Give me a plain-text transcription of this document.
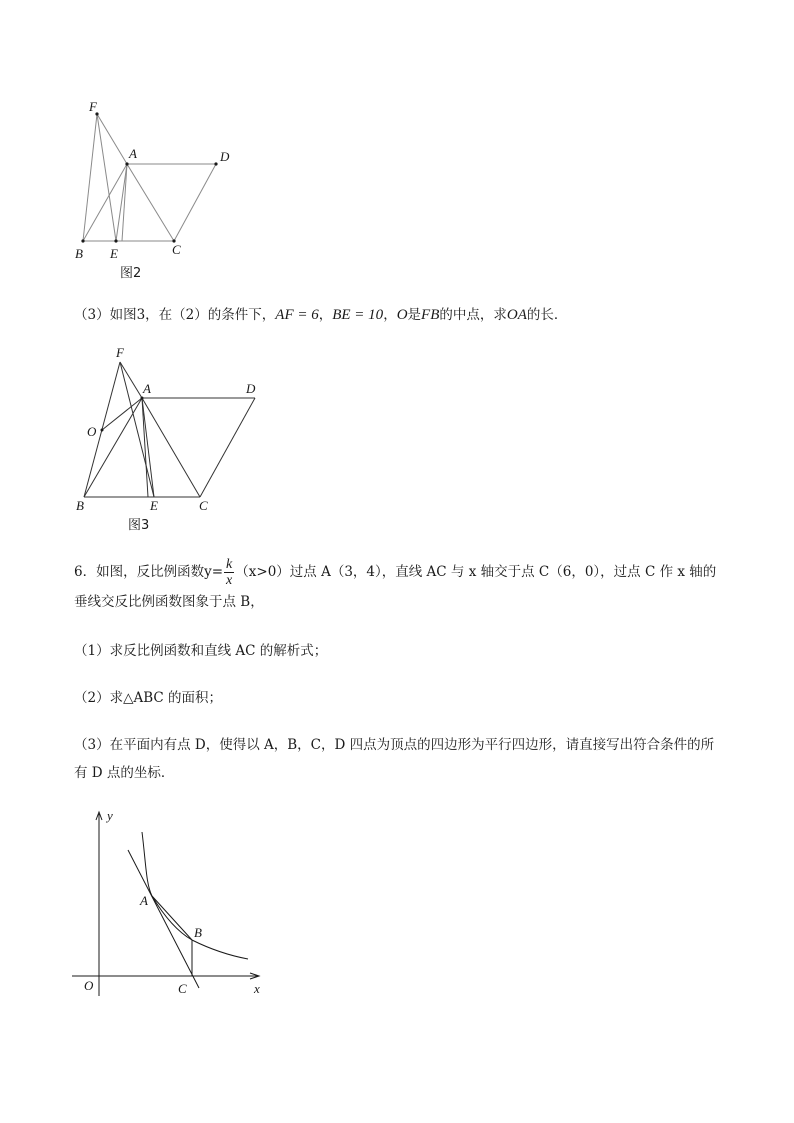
F
A	D
B E	C
图2
（3）如图3，在（2）的条件下，AF = 6，BE = 10，O是FB的中点，求OA的长．
F
A	D
O
B	E	C
图3
6．如图，反比例函数$y= \frac{k}{x} (x>0)$过点 A（3，4），直线 AC 与 x 轴交于点 C（6，0），过点 C 作 x 轴的
垂线交反比例函数图象于点 B，
（1）求反比例函数和直线 AC 的解析式；
（2）求△ABC 的面积；
（3）在平面内有点 D，使得以 A，B，C，D 四点为顶点的四边形为平行四边形，请直接写出符合条件的所
有 D 点的坐标．
y
x
O
A
B
C
